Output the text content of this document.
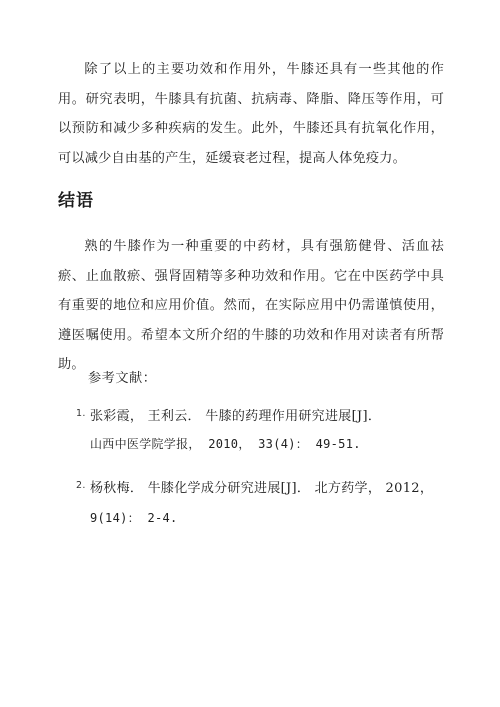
除了以上的主要功效和作用外，牛膝还具有一些其他的作用。研究表明，牛膝具有抗菌、抗病毒、降脂、降压等作用，可以预防和减少多种疾病的发生。此外，牛膝还具有抗氧化作用，可以减少自由基的产生，延缓衰老过程，提高人体免疫力。

结语

熟的牛膝作为一种重要的中药材，具有强筋健骨、活血祛瘀、止血散瘀、强肾固精等多种功效和作用。它在中医药学中具有重要的地位和应用价值。然而，在实际应用中仍需谨慎使用，遵医嘱使用。希望本文所介绍的牛膝的功效和作用对读者有所帮助。

参考文献：

1. 张彩霞， 王利云． 牛膝的药理作用研究进展[J]．
山西中医学院学报， 2010， 33(4)： 49-51.
2. 杨秋梅． 牛膝化学成分研究进展[J]． 北方药学， 2012，
9(14)： 2-4.
